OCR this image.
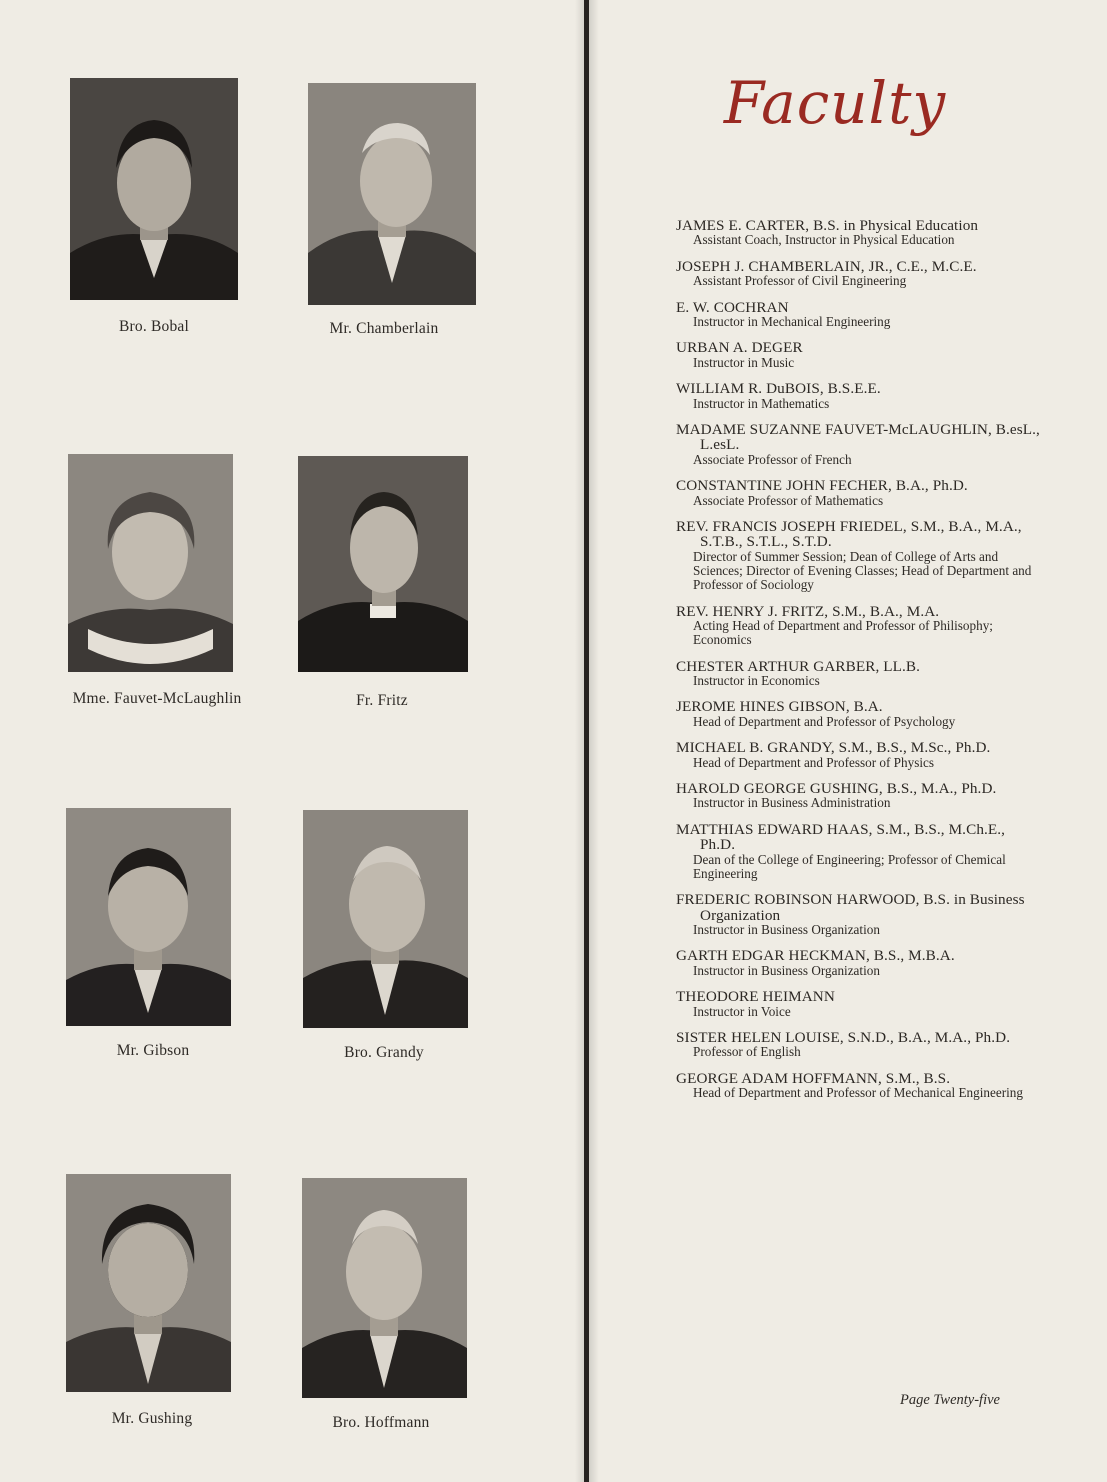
Bro. Bobal	Mr. Chamberlain
Mme. Fauvet-McLaughlin	Fr. Fritz
Mr. Gibson	Bro. Grandy
Mr. Gushing	Bro. Hoffmann
Faculty
JAMES E. CARTER, B.S. in Physical Education
Assistant Coach, Instructor in Physical Education
JOSEPH J. CHAMBERLAIN, JR., C.E., M.C.E.
Assistant Professor of Civil Engineering
E. W. COCHRAN
Instructor in Mechanical Engineering
URBAN A. DEGER
Instructor in Music
WILLIAM R. DuBOIS, B.S.E.E.
Instructor in Mathematics
MADAME SUZANNE FAUVET-McLAUGHLIN, B.esL., L.esL.
Associate Professor of French
CONSTANTINE JOHN FECHER, B.A., Ph.D.
Associate Professor of Mathematics
REV. FRANCIS JOSEPH FRIEDEL, S.M., B.A., M.A., S.T.B., S.T.L., S.T.D.
Director of Summer Session; Dean of College of Arts and Sciences; Director of Evening Classes; Head of Department and Professor of Sociology
REV. HENRY J. FRITZ, S.M., B.A., M.A.
Acting Head of Department and Professor of Philisophy; Economics
CHESTER ARTHUR GARBER, LL.B.
Instructor in Economics
JEROME HINES GIBSON, B.A.
Head of Department and Professor of Psychology
MICHAEL B. GRANDY, S.M., B.S., M.Sc., Ph.D.
Head of Department and Professor of Physics
HAROLD GEORGE GUSHING, B.S., M.A., Ph.D.
Instructor in Business Administration
MATTHIAS EDWARD HAAS, S.M., B.S., M.Ch.E., Ph.D.
Dean of the College of Engineering; Professor of Chemical Engineering
FREDERIC ROBINSON HARWOOD, B.S. in Business Organization
Instructor in Business Organization
GARTH EDGAR HECKMAN, B.S., M.B.A.
Instructor in Business Organization
THEODORE HEIMANN
Instructor in Voice
SISTER HELEN LOUISE, S.N.D., B.A., M.A., Ph.D.
Professor of English
GEORGE ADAM HOFFMANN, S.M., B.S.
Head of Department and Professor of Mechanical Engineering
Page Twenty-five
